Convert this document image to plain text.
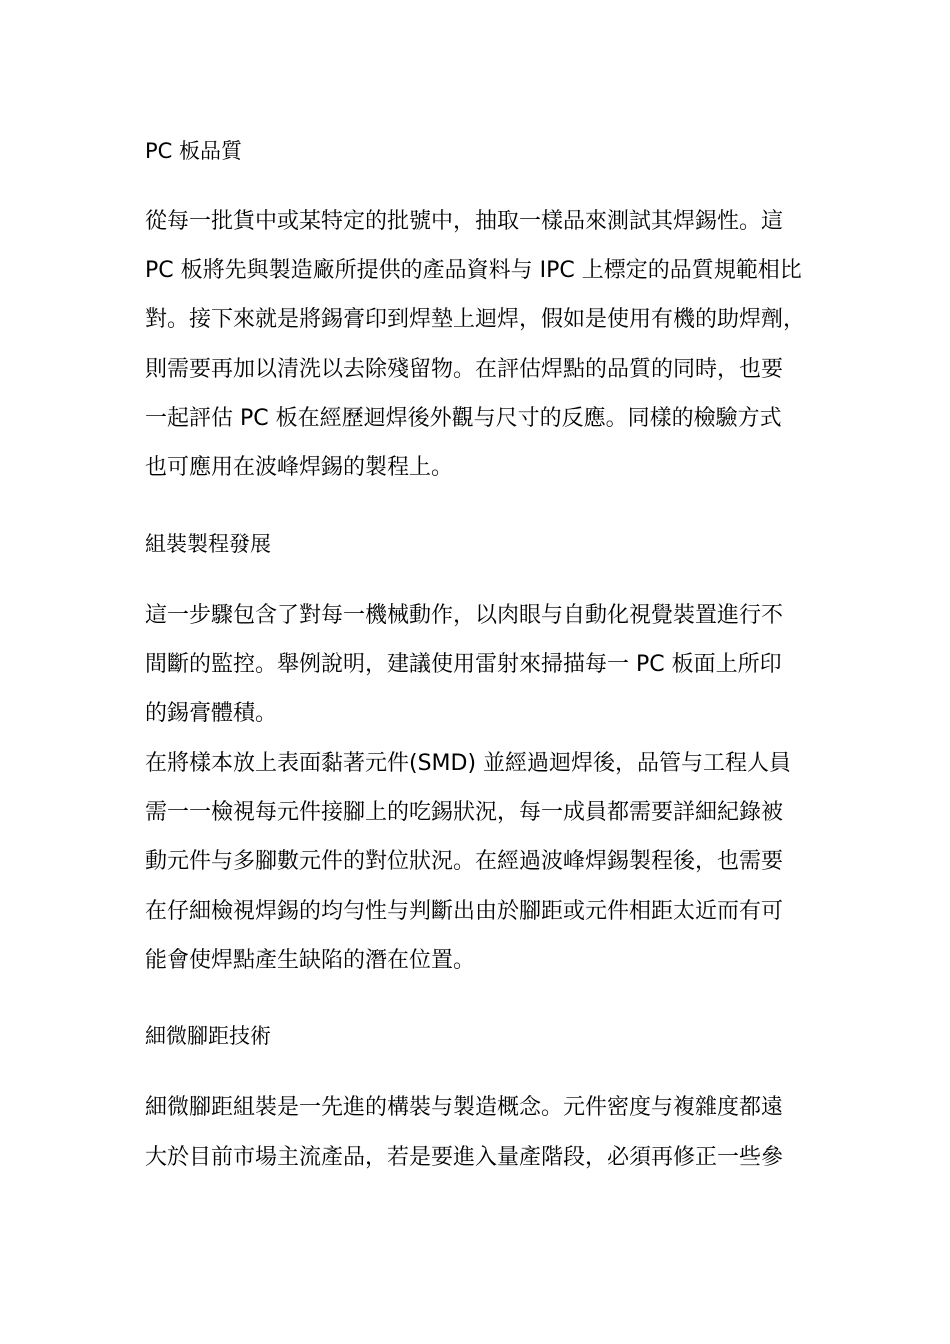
PC 板品質
從每一批貨中或某特定的批號中，抽取一樣品來測試其焊錫性。這
PC 板將先與製造廠所提供的產品資料与 IPC 上標定的品質規範相比
對。接下來就是將錫膏印到焊墊上迴焊，假如是使用有機的助焊劑，
則需要再加以清洗以去除殘留物。在評估焊點的品質的同時，也要
一起評估 PC 板在經歷迴焊後外觀与尺寸的反應。同樣的檢驗方式
也可應用在波峰焊錫的製程上。
組裝製程發展
這一步驟包含了對每一機械動作，以肉眼与自動化視覺裝置進行不
間斷的監控。舉例說明，建議使用雷射來掃描每一 PC 板面上所印
的錫膏體積。
在將樣本放上表面黏著元件(SMD) 並經過迴焊後，品管与工程人員
需一一檢視每元件接腳上的吃錫狀況，每一成員都需要詳細紀錄被
動元件与多腳數元件的對位狀況。在經過波峰焊錫製程後，也需要
在仔細檢視焊錫的均勻性与判斷出由於腳距或元件相距太近而有可
能會使焊點產生缺陷的潛在位置。
細微腳距技術
細微腳距組裝是一先進的構裝与製造概念。元件密度与複雜度都遠
大於目前市場主流產品，若是要進入量產階段，必須再修正一些參
